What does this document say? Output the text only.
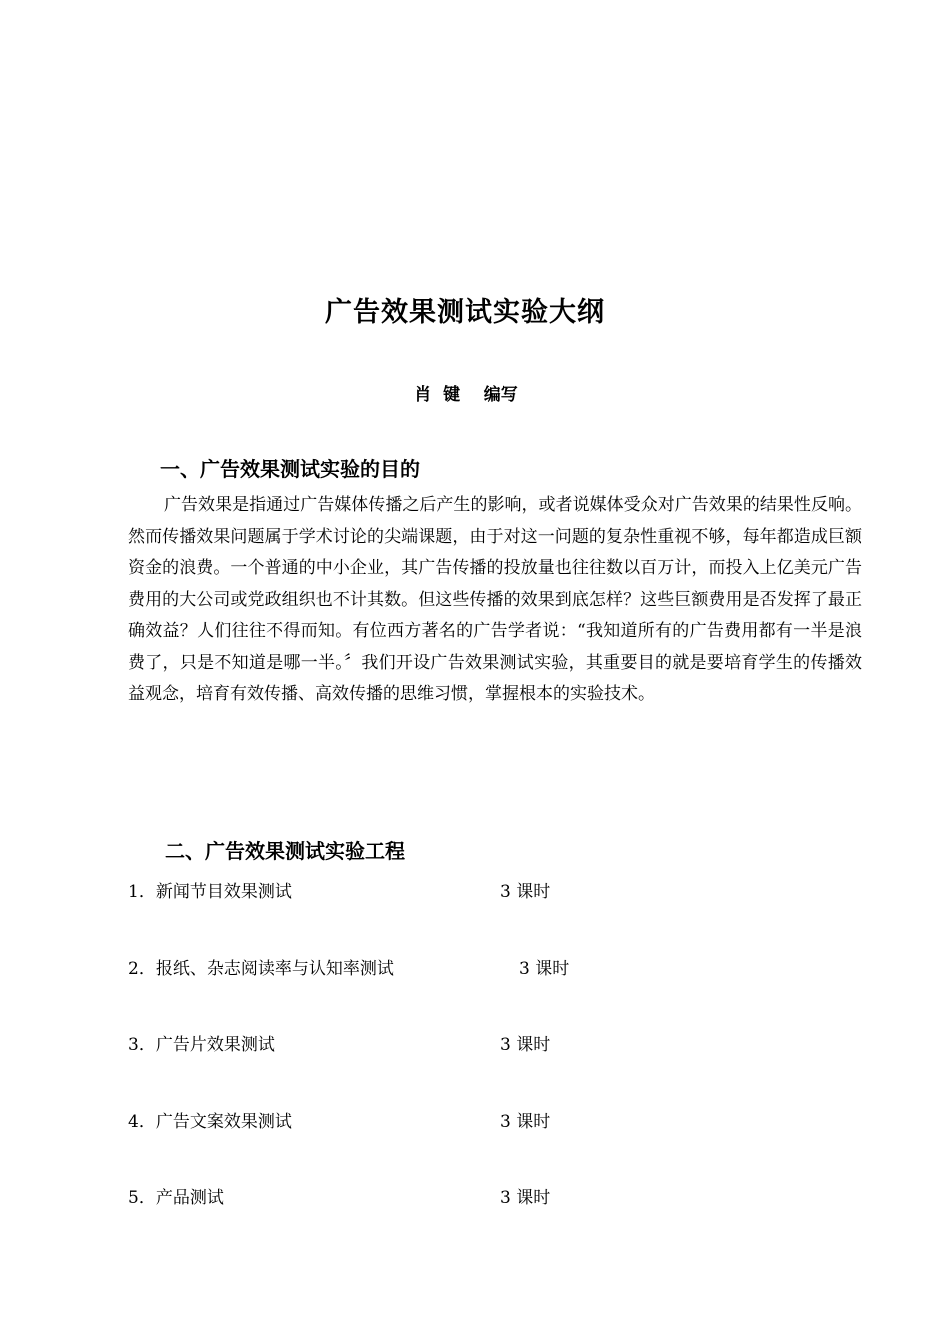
广告效果测试实验大纲
肖  键    编写
一、广告效果测试实验的目的
广告效果是指通过广告媒体传播之后产生的影响，或者说媒体受众对广告效果的结果性反响。然而传播效果问题属于学术讨论的尖端课题，由于对这一问题的复杂性重视不够，每年都造成巨额资金的浪费。一个普通的中小企业，其广告传播的投放量也往往数以百万计，而投入上亿美元广告费用的大公司或党政组织也不计其数。但这些传播的效果到底怎样？这些巨额费用是否发挥了最正确效益？人们往往不得而知。有位西方著名的广告学者说：“我知道所有的广告费用都有一半是浪费了，只是不知道是哪一半。〞我们开设广告效果测试实验，其重要目的就是要培育学生的传播效益观念，培育有效传播、高效传播的思维习惯，掌握根本的实验技术。
二、广告效果测试实验工程
1．新闻节目效果测试	3 课时
2．报纸、杂志阅读率与认知率测试	3 课时
3．广告片效果测试	3 课时
4．广告文案效果测试	3 课时
5．产品测试	3 课时
